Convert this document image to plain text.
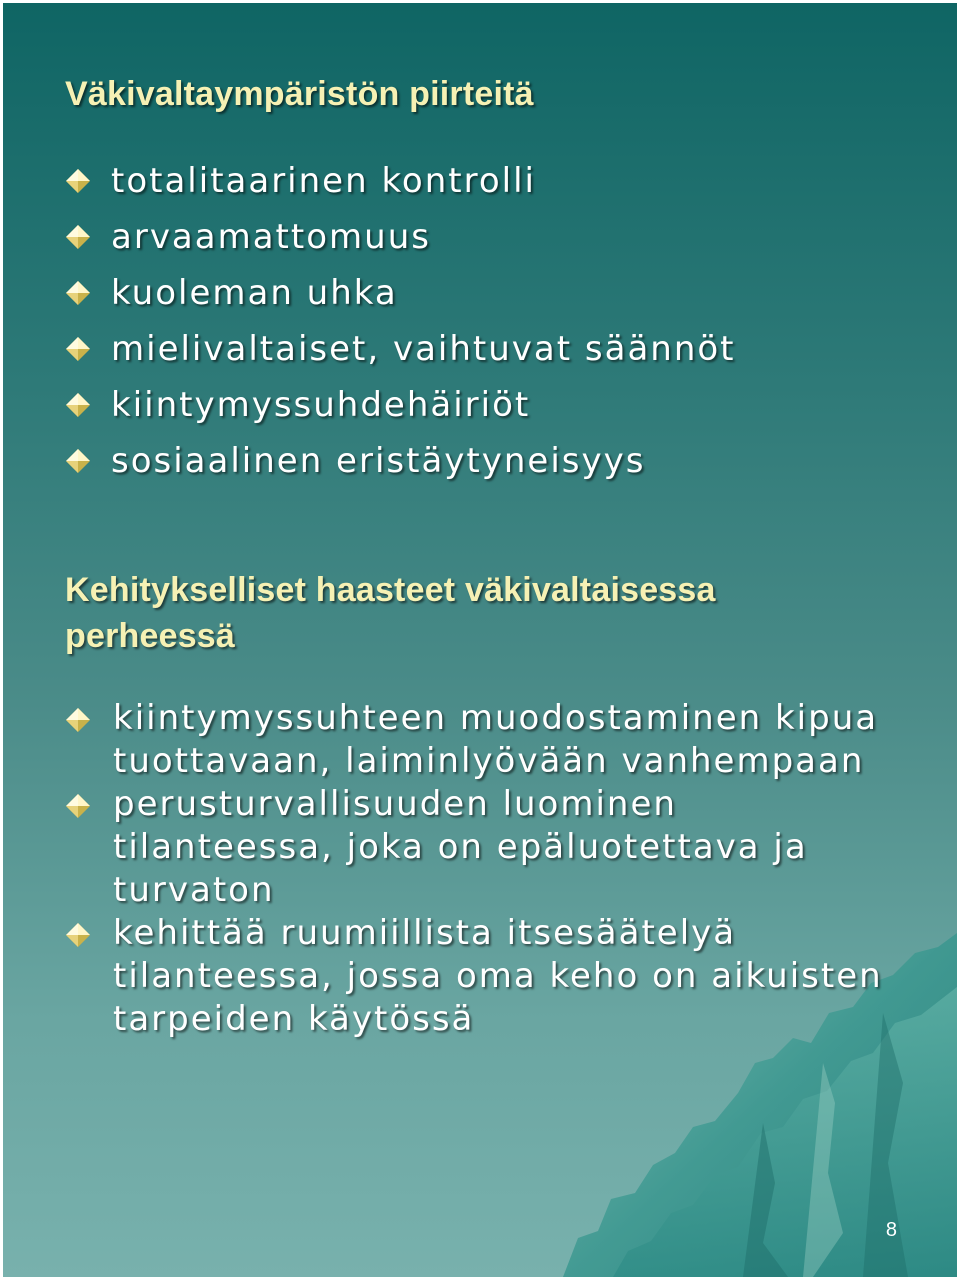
Väkivaltaympäristön piirteitä
totalitaarinen kontrolli
arvaamattomuus
kuoleman uhka
mielivaltaiset, vaihtuvat säännöt
kiintymyssuhdehäiriöt
sosiaalinen eristäytyneisyys
Kehitykselliset haasteet väkivaltaisessa perheessä
kiintymyssuhteen muodostaminen kipua tuottavaan, laiminlyövään vanhempaan
perusturvallisuuden luominen tilanteessa, joka on epäluotettava ja turvaton
kehittää ruumiillista itsesäätelyä tilanteessa, jossa oma keho on aikuisten tarpeiden käytössä
8
